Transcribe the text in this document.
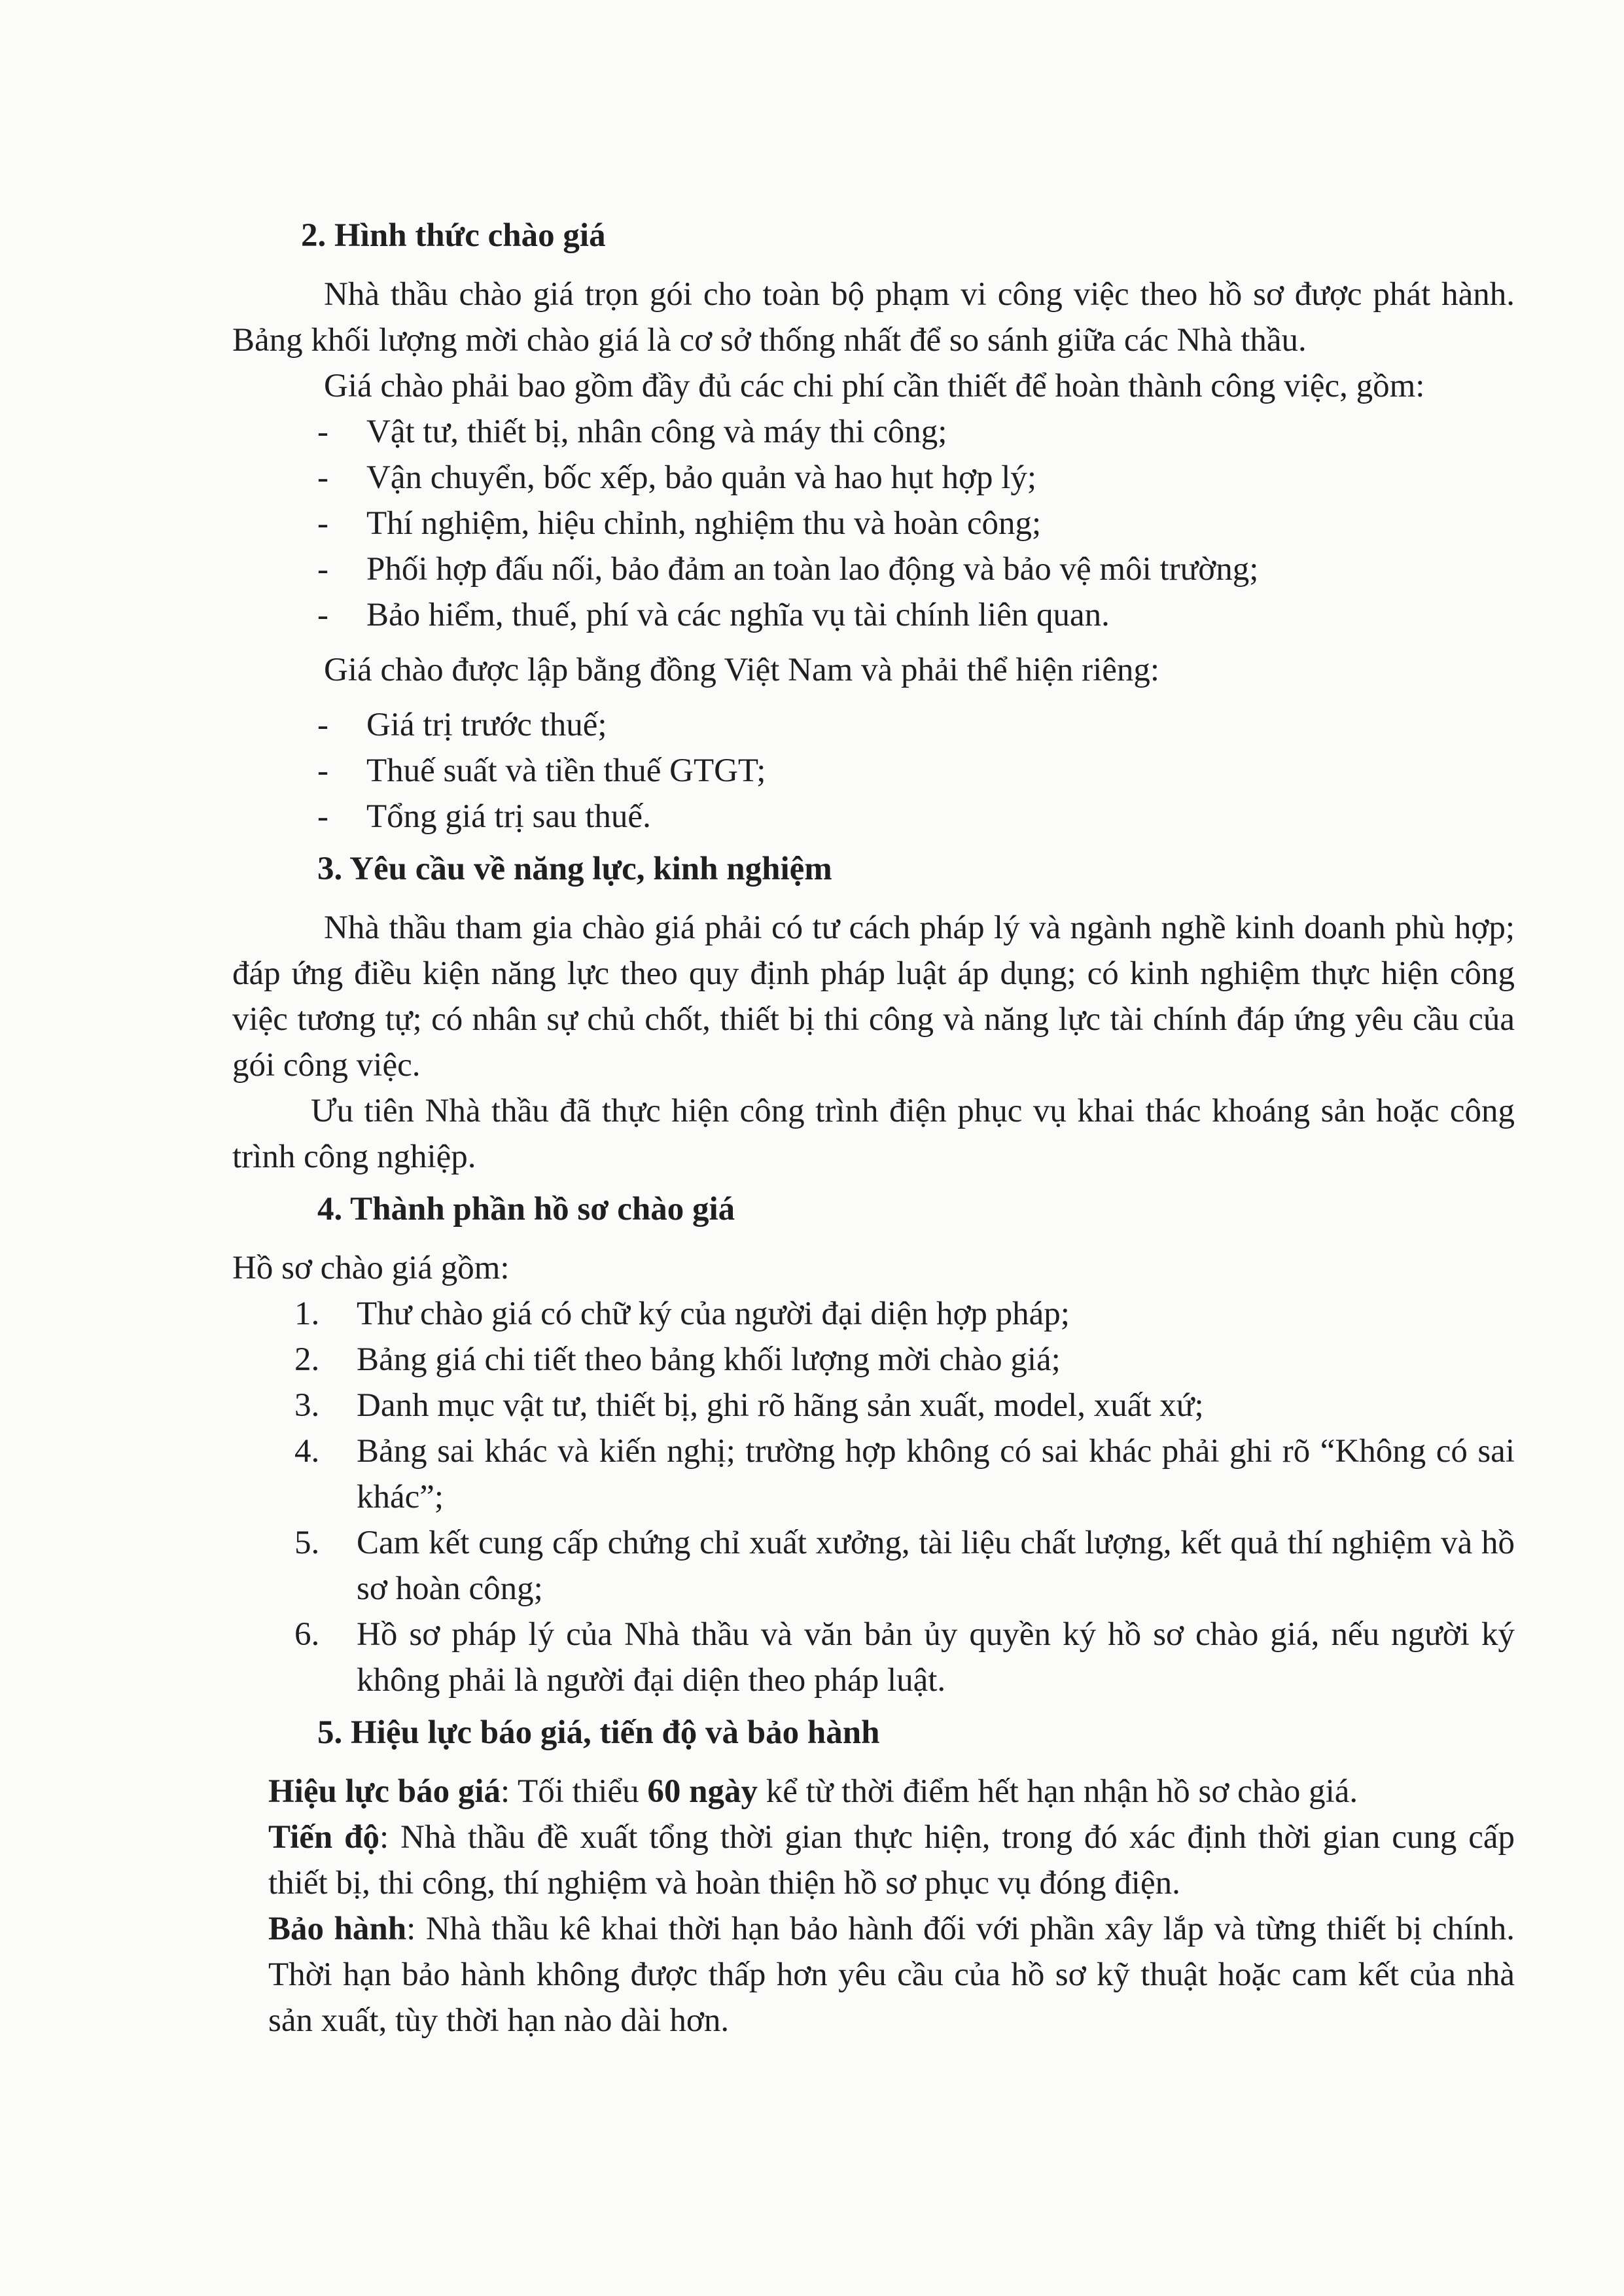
2. Hình thức chào giá

Nhà thầu chào giá trọn gói cho toàn bộ phạm vi công việc theo hồ sơ được phát hành. Bảng khối lượng mời chào giá là cơ sở thống nhất để so sánh giữa các Nhà thầu.

Giá chào phải bao gồm đầy đủ các chi phí cần thiết để hoàn thành công việc, gồm:

- Vật tư, thiết bị, nhân công và máy thi công;
- Vận chuyển, bốc xếp, bảo quản và hao hụt hợp lý;
- Thí nghiệm, hiệu chỉnh, nghiệm thu và hoàn công;
- Phối hợp đấu nối, bảo đảm an toàn lao động và bảo vệ môi trường;
- Bảo hiểm, thuế, phí và các nghĩa vụ tài chính liên quan.

Giá chào được lập bằng đồng Việt Nam và phải thể hiện riêng:

- Giá trị trước thuế;
- Thuế suất và tiền thuế GTGT;
- Tổng giá trị sau thuế.
3. Yêu cầu về năng lực, kinh nghiệm

Nhà thầu tham gia chào giá phải có tư cách pháp lý và ngành nghề kinh doanh phù hợp; đáp ứng điều kiện năng lực theo quy định pháp luật áp dụng; có kinh nghiệm thực hiện công việc tương tự; có nhân sự chủ chốt, thiết bị thi công và năng lực tài chính đáp ứng yêu cầu của gói công việc.

Ưu tiên Nhà thầu đã thực hiện công trình điện phục vụ khai thác khoáng sản hoặc công trình công nghiệp.

4. Thành phần hồ sơ chào giá

Hồ sơ chào giá gồm:

1. Thư chào giá có chữ ký của người đại diện hợp pháp;
2. Bảng giá chi tiết theo bảng khối lượng mời chào giá;
3. Danh mục vật tư, thiết bị, ghi rõ hãng sản xuất, model, xuất xứ;
4. Bảng sai khác và kiến nghị; trường hợp không có sai khác phải ghi rõ “Không có sai khác”;
5. Cam kết cung cấp chứng chỉ xuất xưởng, tài liệu chất lượng, kết quả thí nghiệm và hồ sơ hoàn công;
6. Hồ sơ pháp lý của Nhà thầu và văn bản ủy quyền ký hồ sơ chào giá, nếu người ký không phải là người đại diện theo pháp luật.
5. Hiệu lực báo giá, tiến độ và bảo hành

Hiệu lực báo giá: Tối thiểu 60 ngày kể từ thời điểm hết hạn nhận hồ sơ chào giá.

Tiến độ: Nhà thầu đề xuất tổng thời gian thực hiện, trong đó xác định thời gian cung cấp thiết bị, thi công, thí nghiệm và hoàn thiện hồ sơ phục vụ đóng điện.

Bảo hành: Nhà thầu kê khai thời hạn bảo hành đối với phần xây lắp và từng thiết bị chính. Thời hạn bảo hành không được thấp hơn yêu cầu của hồ sơ kỹ thuật hoặc cam kết của nhà sản xuất, tùy thời hạn nào dài hơn.
